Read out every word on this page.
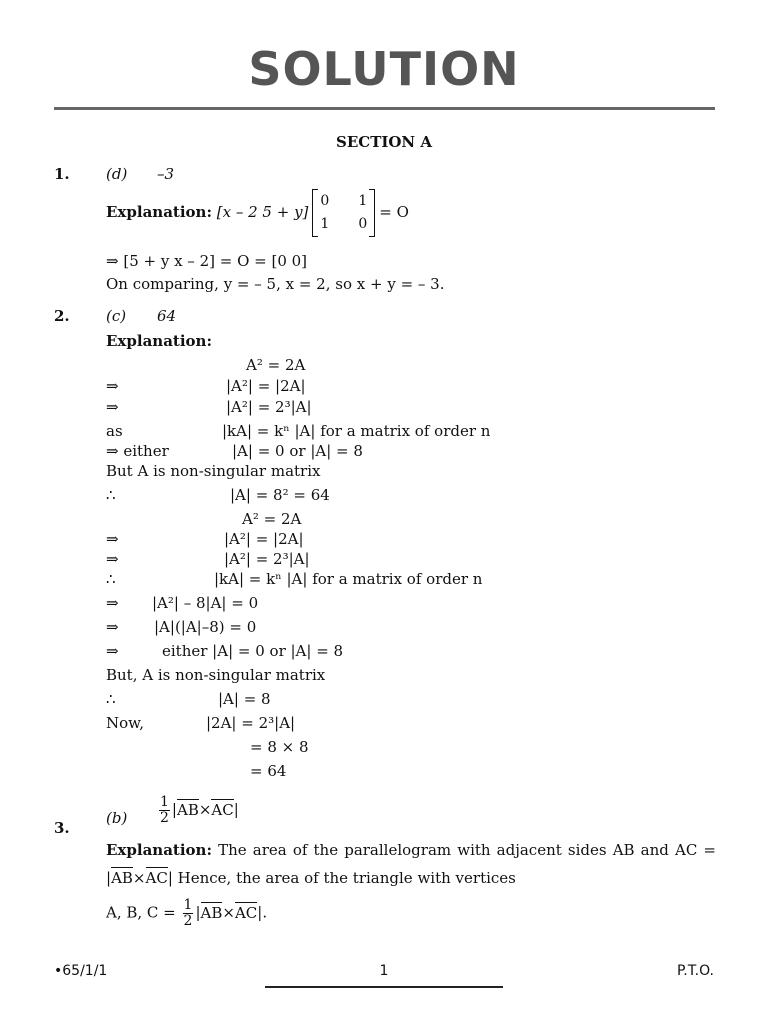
SOLUTION
SECTION A
1. (d) –3
Explanation: [x – 2 5 + y]
0	1
1	0
= O
⇒ [5 + y x – 2] = O = [0 0]
On comparing, y = – 5, x = 2, so x + y = – 3.
2. (c) 64
Explanation:
A² = 2A
⇒	|A²| = |2A|
⇒	|A²| = 2³|A|
as	|kA| = kⁿ |A| for a matrix of order n
⇒ either	|A| = 0 or |A| = 8
But A is non-singular matrix
∴	|A| = 8² = 64
A² = 2A
⇒	|A²| = |2A|
⇒	|A²| = 2³|A|
∴	|kA| = kⁿ |A| for a matrix of order n
⇒ |A²| – 8|A| = 0
⇒ |A|(|A|–8) = 0
⇒	either |A| = 0 or |A| = 8
But, A is non-singular matrix
∴	|A| = 8
Now,	|2A| = 2³|A|
= 8 × 8
= 64
3.
$(b) \frac{1}{2} |AB\times AC|$
Explanation: The area of the parallelogram with adjacent sides AB and AC = |AB×AC| Hence, the area of the triangle with vertices
A, B, $C = \frac{1}{2} |AB\times AC|$.
•65/1/1	1	P.T.O.
